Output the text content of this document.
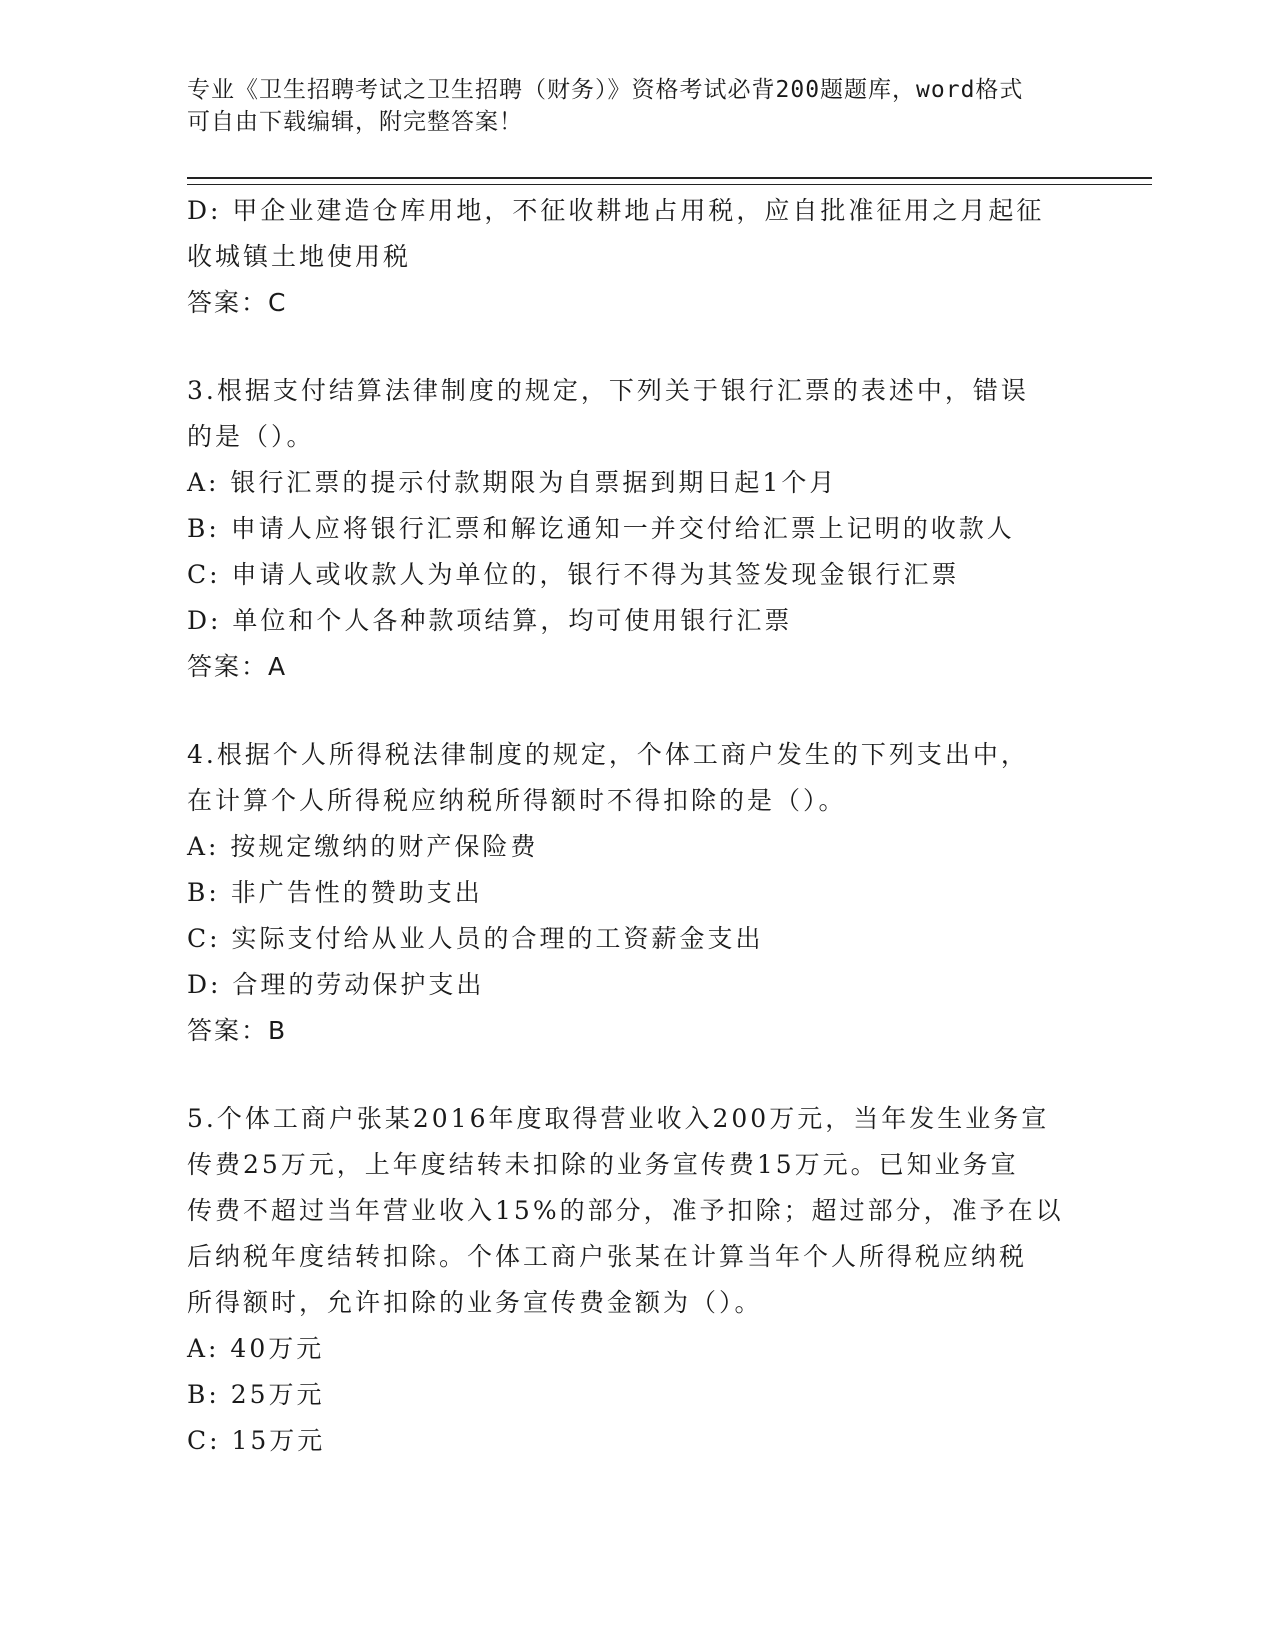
专业《卫生招聘考试之卫生招聘（财务）》资格考试必背200题题库，word格式
可自由下载编辑，附完整答案！
D: 甲企业建造仓库用地，不征收耕地占用税，应自批准征用之月起征
收城镇土地使用税
答案：C
3.根据支付结算法律制度的规定，下列关于银行汇票的表述中，错误
的是（）。
A: 银行汇票的提示付款期限为自票据到期日起1个月
B: 申请人应将银行汇票和解讫通知一并交付给汇票上记明的收款人
C: 申请人或收款人为单位的，银行不得为其签发现金银行汇票
D: 单位和个人各种款项结算，均可使用银行汇票
答案：A
4.根据个人所得税法律制度的规定，个体工商户发生的下列支出中，
在计算个人所得税应纳税所得额时不得扣除的是（）。
A: 按规定缴纳的财产保险费
B: 非广告性的赞助支出
C: 实际支付给从业人员的合理的工资薪金支出
D: 合理的劳动保护支出
答案：B
5.个体工商户张某2016年度取得营业收入200万元，当年发生业务宣
传费25万元，上年度结转未扣除的业务宣传费15万元。已知业务宣
传费不超过当年营业收入15%的部分，准予扣除；超过部分，准予在以
后纳税年度结转扣除。个体工商户张某在计算当年个人所得税应纳税
所得额时，允许扣除的业务宣传费金额为（）。
A: 40万元
B: 25万元
C: 15万元
